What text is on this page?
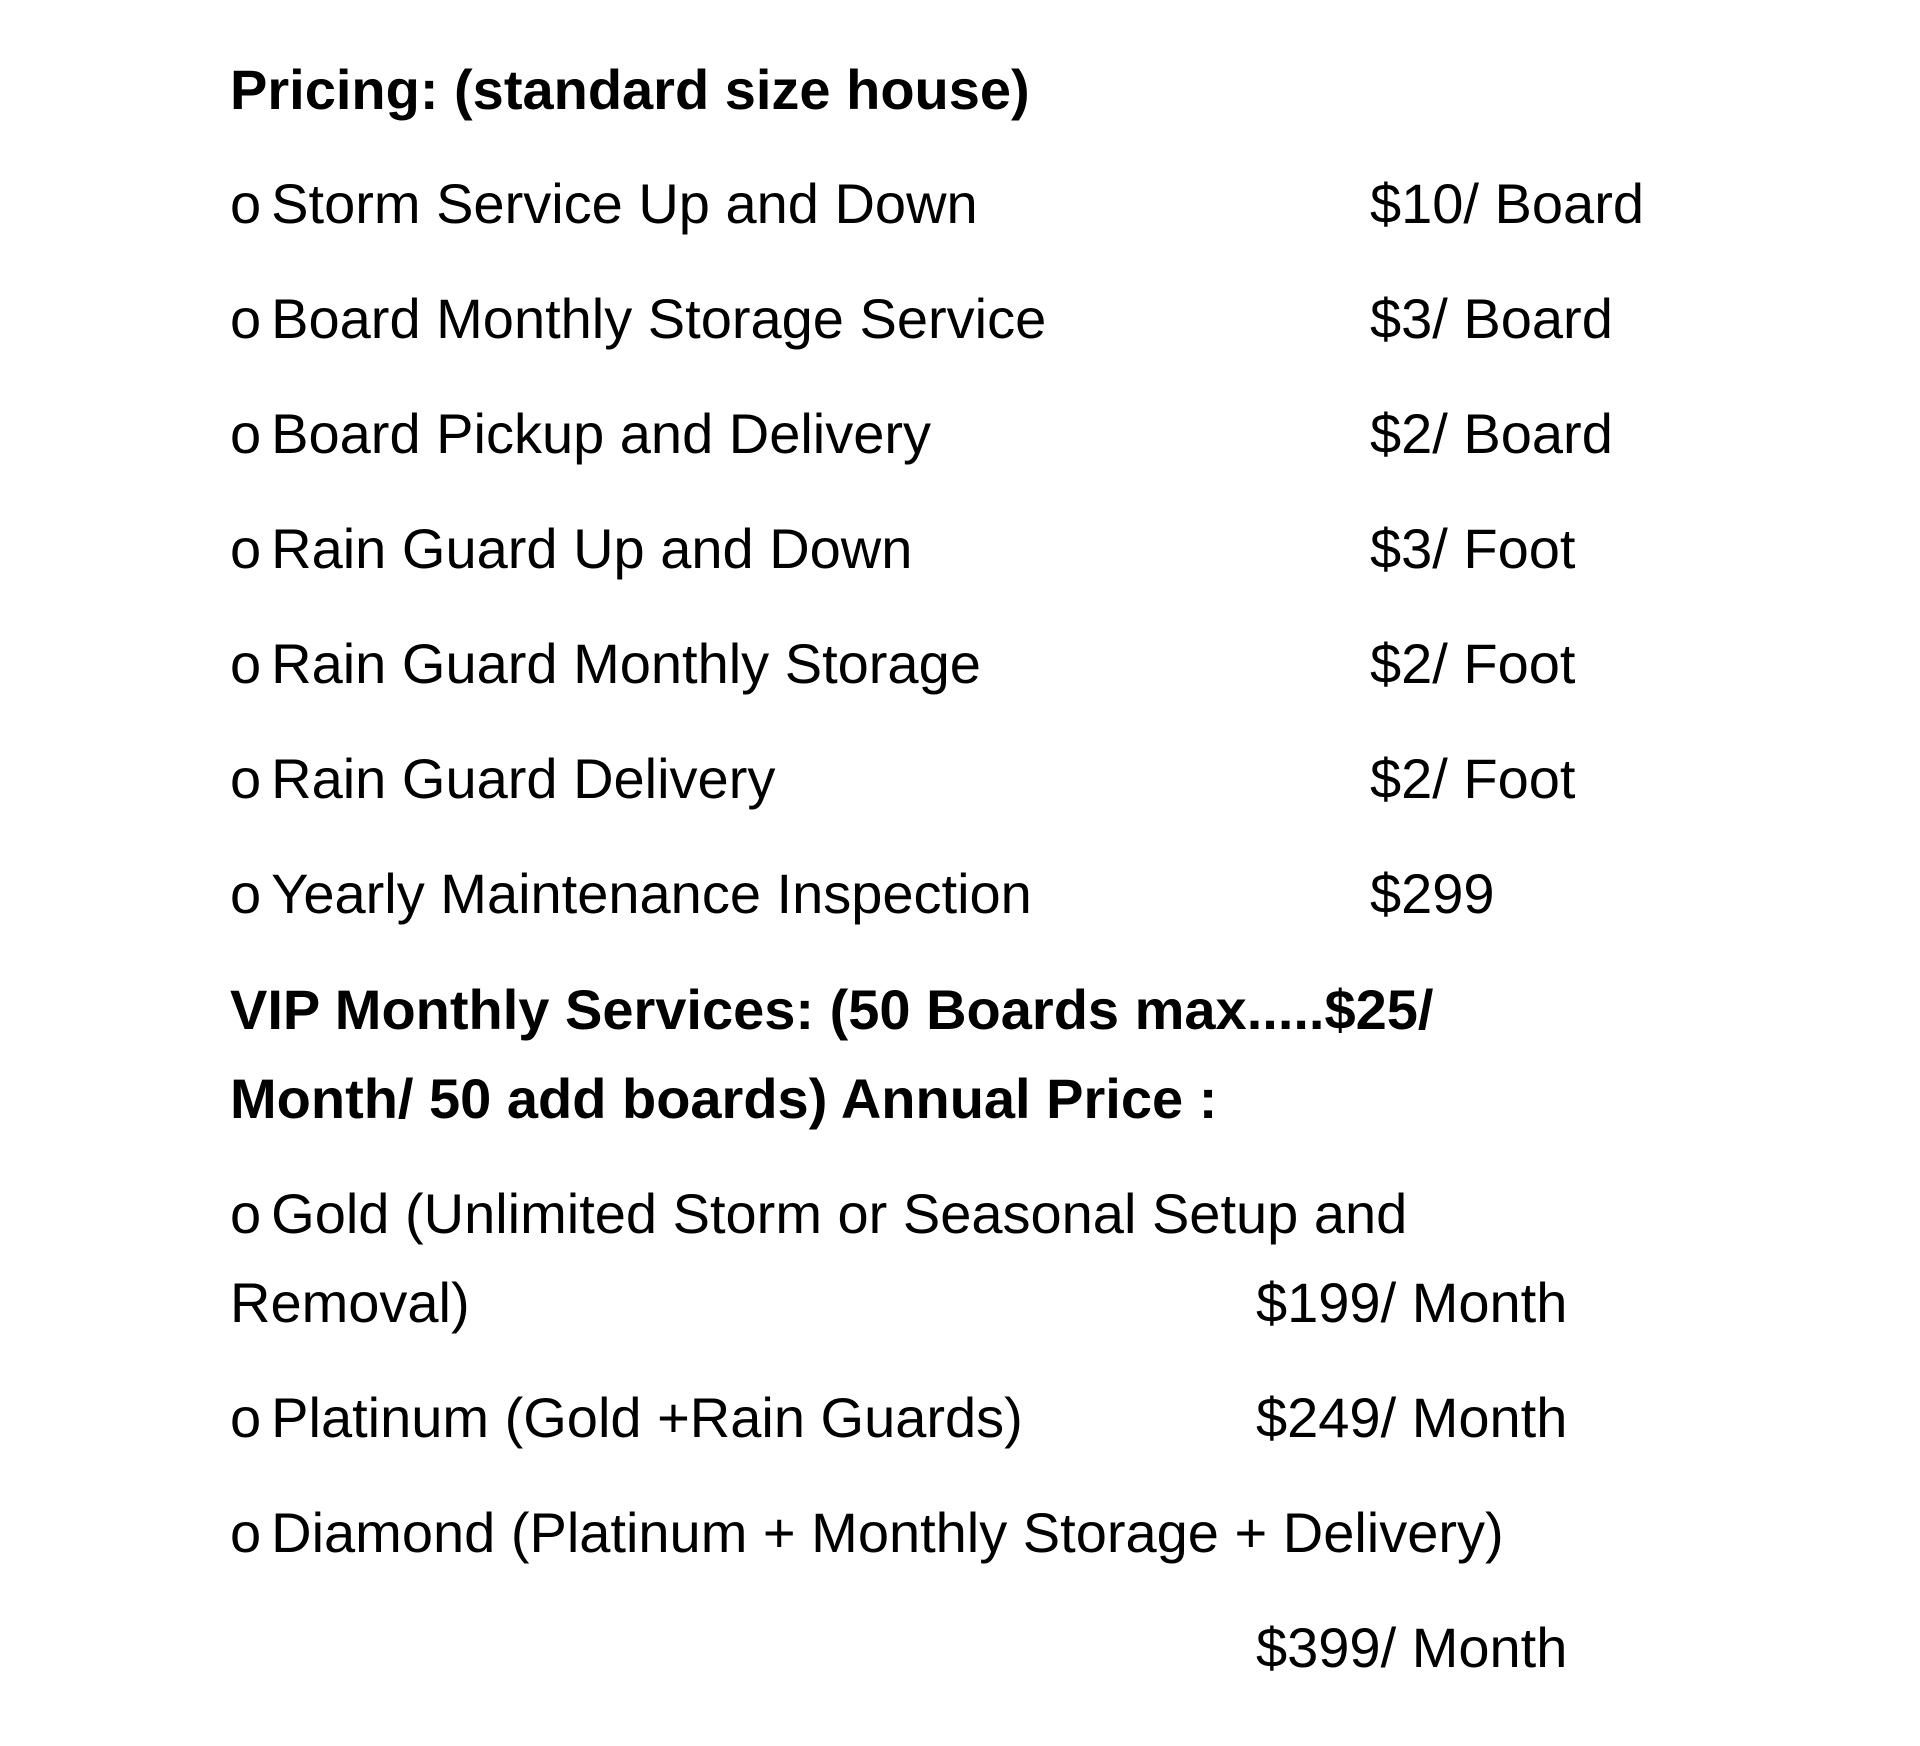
Pricing: (standard size house)
o Storm Service Up and Down	$10/ Board
o Board Monthly Storage Service	$3/ Board
o Board Pickup and Delivery	$2/ Board
o Rain Guard Up and Down	$3/ Foot
o Rain Guard Monthly Storage	$2/ Foot
o Rain Guard Delivery	$2/ Foot
o Yearly Maintenance Inspection	$299
VIP Monthly Services: (50 Boards max.....$25/
Month/ 50 add boards) Annual Price :
o Gold (Unlimited Storm or Seasonal Setup and
Removal)	$199/ Month
o Platinum (Gold +Rain Guards)	$249/ Month
o Diamond (Platinum + Monthly Storage + Delivery)
$399/ Month
